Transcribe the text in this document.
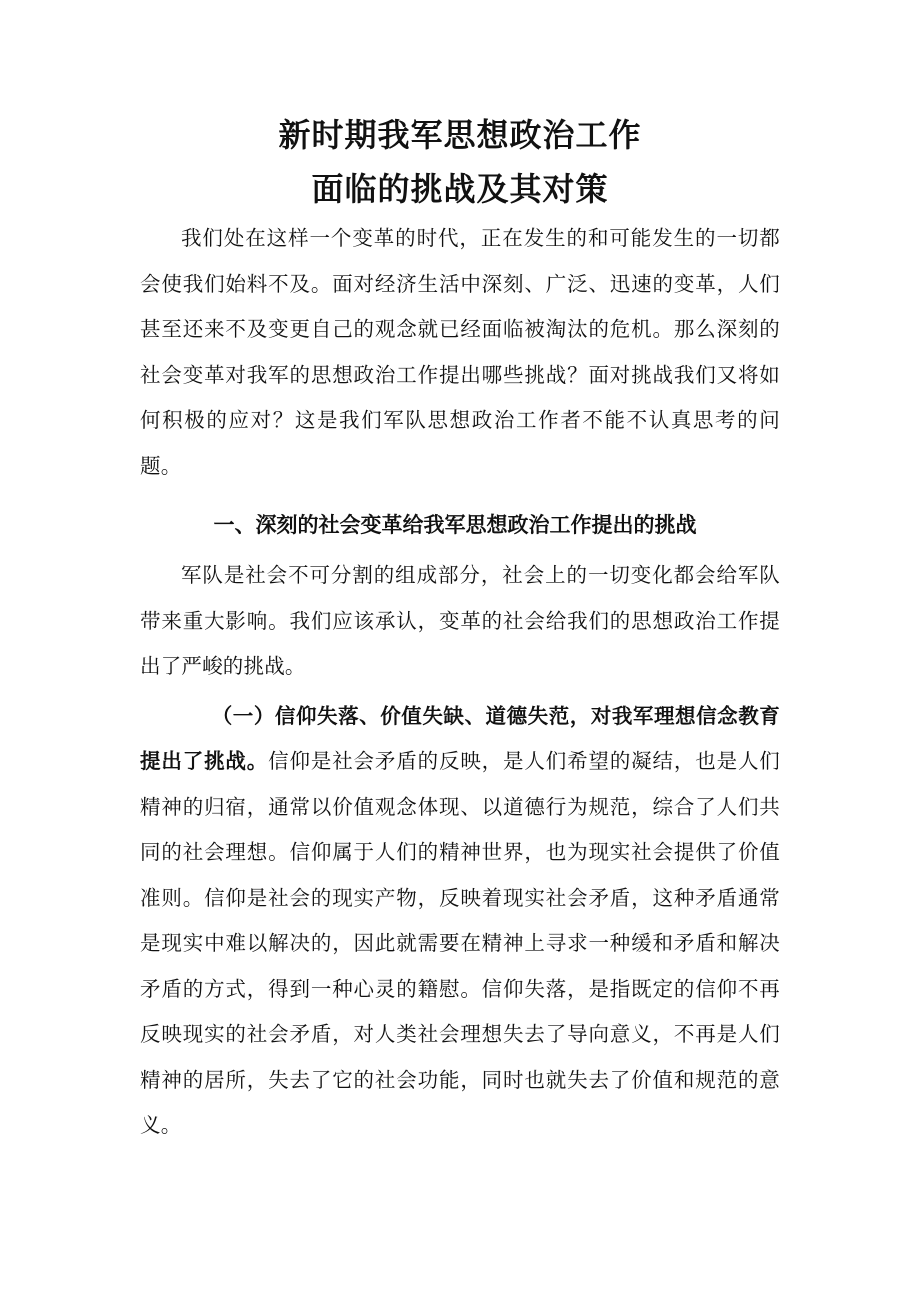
新时期我军思想政治工作
面临的挑战及其对策

我们处在这样一个变革的时代，正在发生的和可能发生的一切都会使我们始料不及。面对经济生活中深刻、广泛、迅速的变革，人们甚至还来不及变更自己的观念就已经面临被淘汰的危机。那么深刻的社会变革对我军的思想政治工作提出哪些挑战？面对挑战我们又将如何积极的应对？这是我们军队思想政治工作者不能不认真思考的问题。

一、深刻的社会变革给我军思想政治工作提出的挑战

军队是社会不可分割的组成部分，社会上的一切变化都会给军队带来重大影响。我们应该承认，变革的社会给我们的思想政治工作提出了严峻的挑战。

（一）信仰失落、价值失缺、道德失范，对我军理想信念教育提出了挑战。信仰是社会矛盾的反映，是人们希望的凝结，也是人们精神的归宿，通常以价值观念体现、以道德行为规范，综合了人们共同的社会理想。信仰属于人们的精神世界，也为现实社会提供了价值准则。信仰是社会的现实产物，反映着现实社会矛盾，这种矛盾通常是现实中难以解决的，因此就需要在精神上寻求一种缓和矛盾和解决矛盾的方式，得到一种心灵的籍慰。信仰失落，是指既定的信仰不再反映现实的社会矛盾，对人类社会理想失去了导向意义，不再是人们精神的居所，失去了它的社会功能，同时也就失去了价值和规范的意义。
